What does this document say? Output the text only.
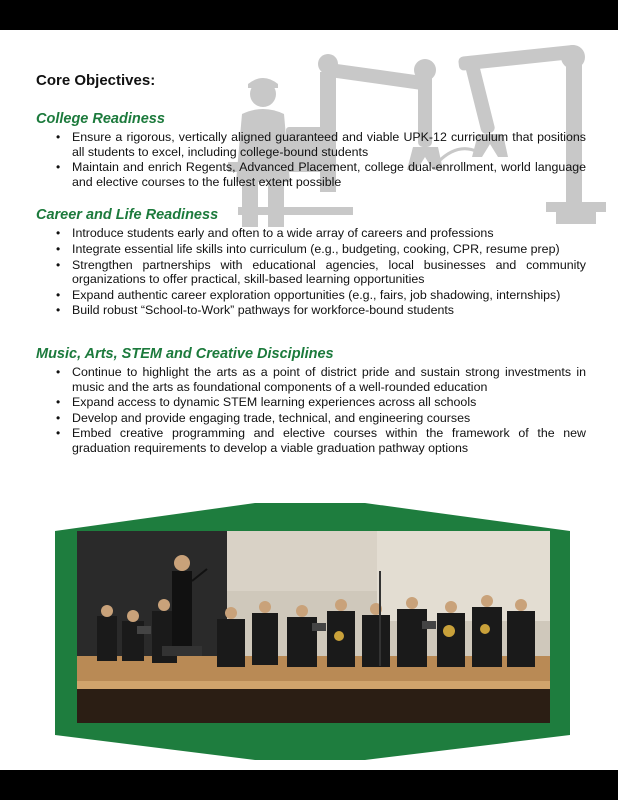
Core Objectives:
College Readiness
• Ensure a rigorous, vertically aligned guaranteed and viable UPK-12 curriculum that positions all students to excel, including college-bound students
• Maintain and enrich Regents, Advanced Placement, college dual-enrollment, world language and elective courses to the fullest extent possible
Career and Life Readiness
• Introduce students early and often to a wide array of careers and professions
• Integrate essential life skills into curriculum (e.g., budgeting, cooking, CPR, resume prep)
• Strengthen partnerships with educational agencies, local businesses and community organizations to offer practical, skill-based learning opportunities
• Expand authentic career exploration opportunities (e.g., fairs, job shadowing, internships)
• Build robust “School-to-Work” pathways for workforce-bound students
Music, Arts, STEM and Creative Disciplines
• Continue to highlight the arts as a point of district pride and sustain strong investments in music and the arts as foundational components of a well-rounded education
• Expand access to dynamic STEM learning experiences across all schools
• Develop and provide engaging trade, technical, and engineering courses
• Embed creative programming and elective courses within the framework of the new graduation requirements to develop a viable graduation pathway options
